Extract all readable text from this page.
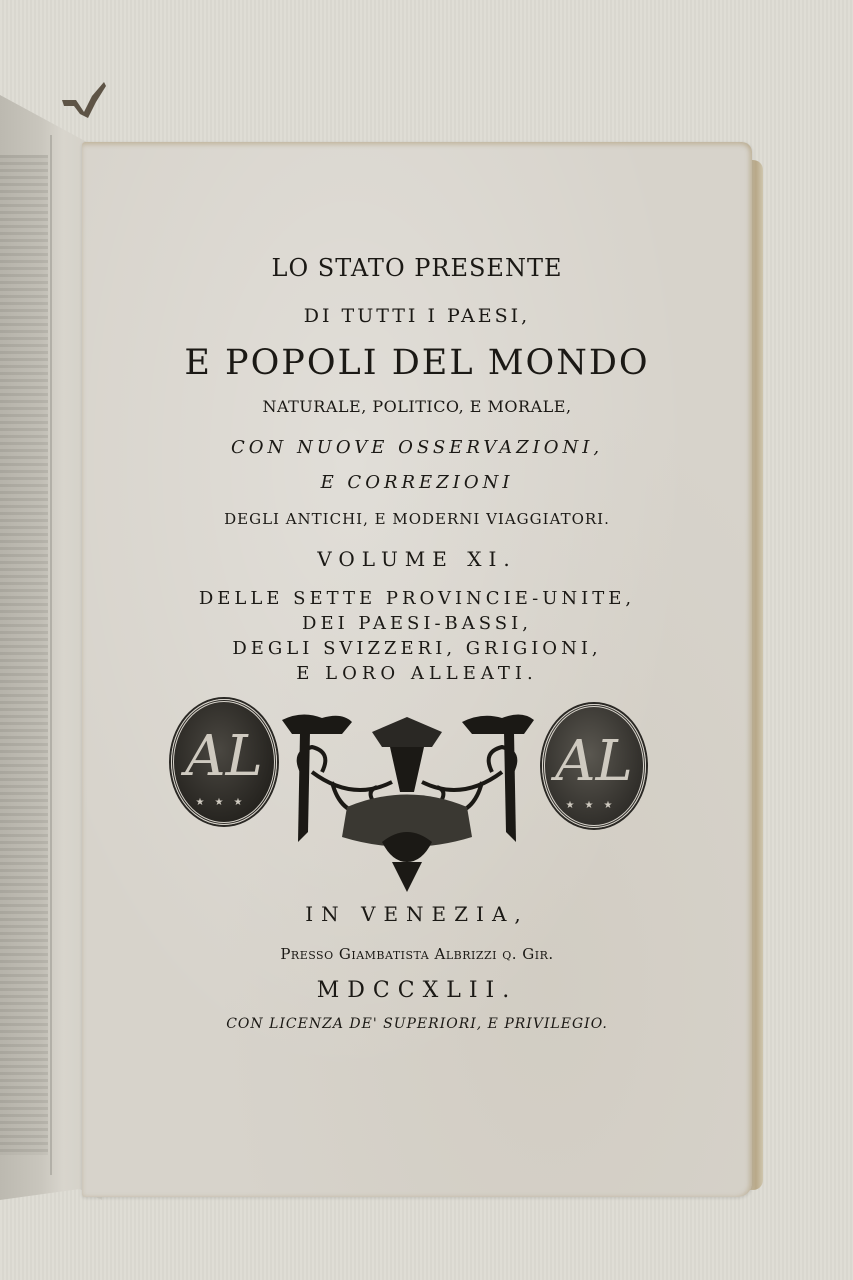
LO STATO PRESENTE
DI TUTTI I PAESI,
E POPOLI DEL MONDO
NATURALE, POLITICO, E MORALE,
CON NUOVE OSSERVAZIONI,
E CORREZIONI
DEGLI ANTICHI, E MODERNI VIAGGIATORI.
VOLUME XI.
DELLE SETTE PROVINCIE-UNITE,
DEI PAESI-BASSI,
DEGLI SVIZZERI, GRIGIONI,
E LORO ALLEATI.
AL
★★★
AL
★★★
IN VENEZIA,
Presso Giambatista Albrizzi q. Gir.
MDCCXLII.
CON LICENZA DE' SUPERIORI, E PRIVILEGIO.
